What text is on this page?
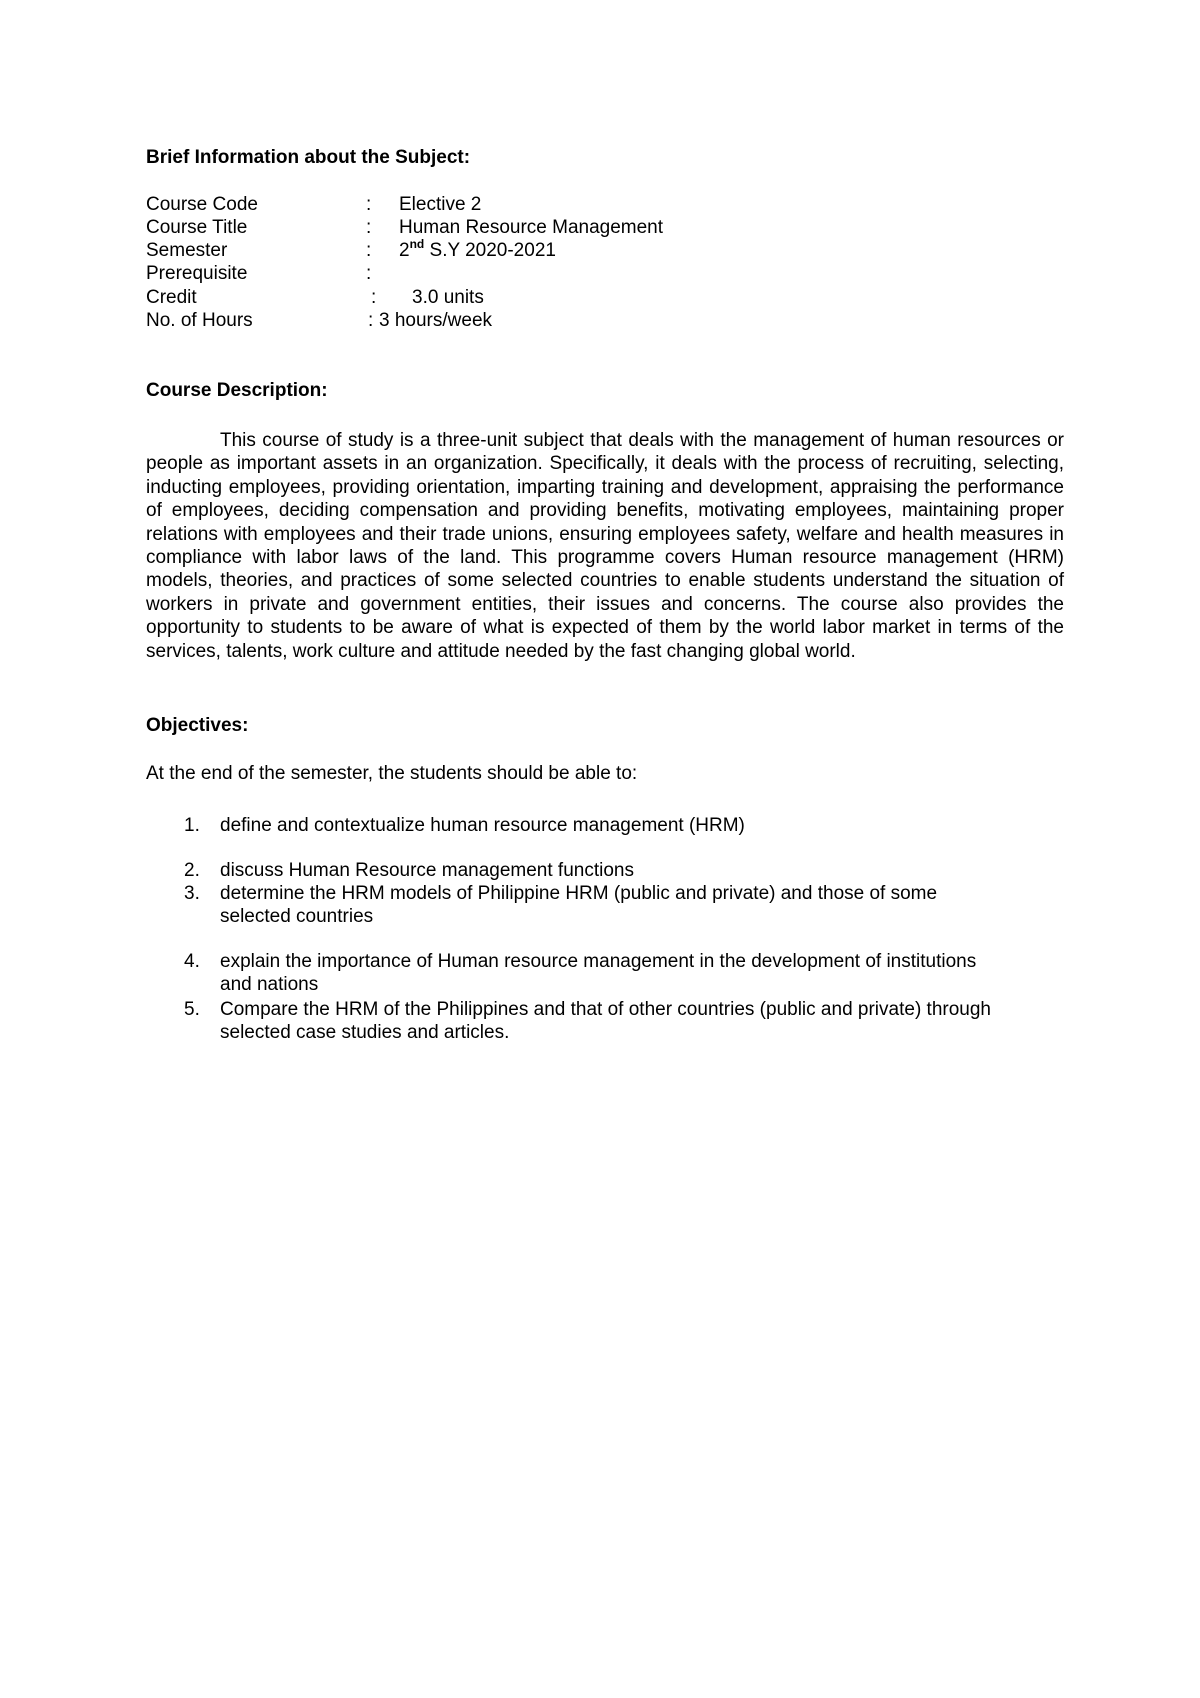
Brief Information about the Subject:
Course Code	: Elective 2
Course Title	: Human Resource Management
Semester	: 2nd S.Y 2020-2021
Prerequisite	:
Credit	: 3.0 units
No. of Hours	: 3 hours/week
Course Description:

This course of study is a three-unit subject that deals with the management of human resources or people as important assets in an organization. Specifically, it deals with the process of recruiting, selecting, inducting employees, providing orientation, imparting training and development, appraising the performance of employees, deciding compensation and providing benefits, motivating employees, maintaining proper relations with employees and their trade unions, ensuring employees safety, welfare and health measures in compliance with labor laws of the land. This programme covers Human resource management (HRM) models, theories, and practices of some selected countries to enable students understand the situation of workers in private and government entities, their issues and concerns. The course also provides the opportunity to students to be aware of what is expected of them by the world labor market in terms of the services, talents, work culture and attitude needed by the fast changing global world.

Objectives:

At the end of the semester, the students should be able to:

1. define and contextualize human resource management (HRM)
2. discuss Human Resource management functions
3. determine the HRM models of Philippine HRM (public and private) and those of some selected countries
4. explain the importance of Human resource management in the development of institutions and nations
5. Compare the HRM of the Philippines and that of other countries (public and private) through selected case studies and articles.
